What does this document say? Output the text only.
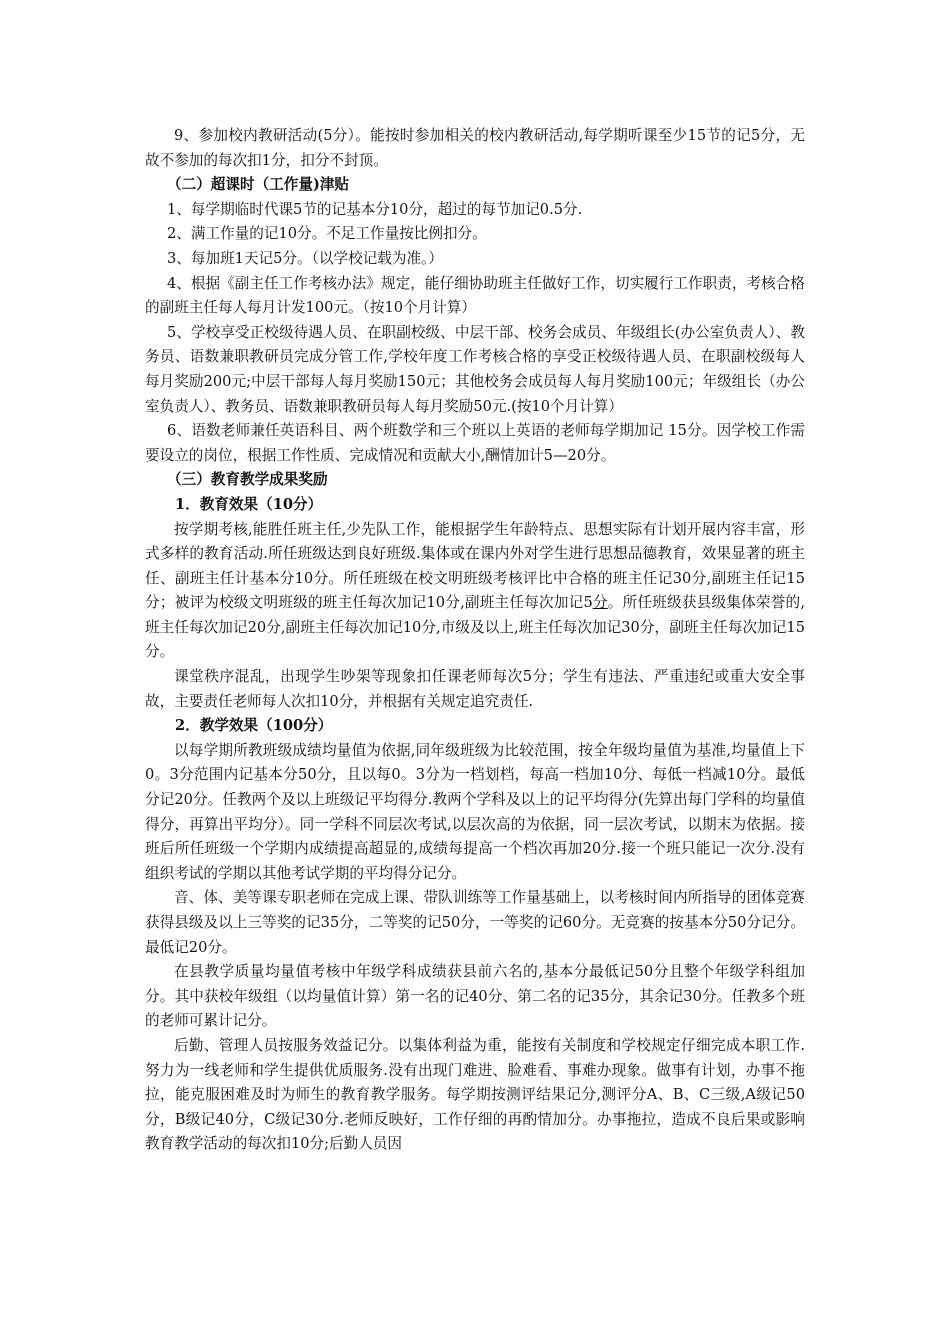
9、参加校内教研活动(5分）。能按时参加相关的校内教研活动,每学期听课至少15节的记5分，无故不参加的每次扣1分，扣分不封顶。

（二）超课时（工作量)津贴

1、每学期临时代课5节的记基本分10分，超过的每节加记0.5分.

2、满工作量的记10分。不足工作量按比例扣分。

3、每加班1天记5分。（以学校记载为准。）

4、根据《副主任工作考核办法》规定，能仔细协助班主任做好工作，切实履行工作职责，考核合格的副班主任每人每月计发100元。（按10个月计算）

5、学校享受正校级待遇人员、在职副校级、中层干部、校务会成员、年级组长(办公室负责人）、教务员、语数兼职教研员完成分管工作,学校年度工作考核合格的享受正校级待遇人员、在职副校级每人每月奖励200元;中层干部每人每月奖励150元；其他校务会成员每人每月奖励100元；年级组长（办公室负责人）、教务员、语数兼职教研员每人每月奖励50元.(按10个月计算）

6、语数老师兼任英语科目、两个班数学和三个班以上英语的老师每学期加记 15分。因学校工作需要设立的岗位，根据工作性质、完成情况和贡献大小,酬情加计5—20分。

（三）教育教学成果奖励

1．教育效果（10分）

按学期考核,能胜任班主任,少先队工作，能根据学生年龄特点、思想实际有计划开展内容丰富，形式多样的教育活动.所任班级达到良好班级.集体或在课内外对学生进行思想品德教育，效果显著的班主任、副班主任计基本分10分。所任班级在校文明班级考核评比中合格的班主任记30分,副班主任记15分；被评为校级文明班级的班主任每次加记10分,副班主任每次加记5分。所任班级获县级集体荣誉的,班主任每次加记20分,副班主任每次加记10分,市级及以上,班主任每次加记30分，副班主任每次加记15分。

课堂秩序混乱，出现学生吵架等现象扣任课老师每次5分；学生有违法、严重违纪或重大安全事故，主要责任老师每人次扣10分，并根据有关规定追究责任.

2．教学效果（100分）

以每学期所教班级成绩均量值为依据,同年级班级为比较范围，按全年级均量值为基准,均量值上下0。3分范围内记基本分50分，且以每0。3分为一档划档，每高一档加10分、每低一档减10分。最低分记20分。任教两个及以上班级记平均得分.教两个学科及以上的记平均得分(先算出每门学科的均量值得分，再算出平均分）。同一学科不同层次考试,以层次高的为依据，同一层次考试，以期末为依据。接班后所任班级一个学期内成绩提高超显的,成绩每提高一个档次再加20分.接一个班只能记一次分.没有组织考试的学期以其他考试学期的平均得分记分。

音、体、美等课专职老师在完成上课、带队训练等工作量基础上，以考核时间内所指导的团体竞赛获得县级及以上三等奖的记35分，二等奖的记50分，一等奖的记60分。无竞赛的按基本分50分记分。最低记20分。

在县教学质量均量值考核中年级学科成绩获县前六名的,基本分最低记50分且整个年级学科组加分。其中获校年级组（以均量值计算）第一名的记40分、第二名的记35分，其余记30分。任教多个班的老师可累计记分。

后勤、管理人员按服务效益记分。以集体利益为重，能按有关制度和学校规定仔细完成本职工作.努力为一线老师和学生提供优质服务.没有出现门难进、脸难看、事难办现象。做事有计划，办事不拖拉，能克服困难及时为师生的教育教学服务。每学期按测评结果记分,测评分A、B、C三级,A级记50分，B级记40分，C级记30分.老师反映好，工作仔细的再酌情加分。办事拖拉，造成不良后果或影响教育教学活动的每次扣10分;后勤人员因
